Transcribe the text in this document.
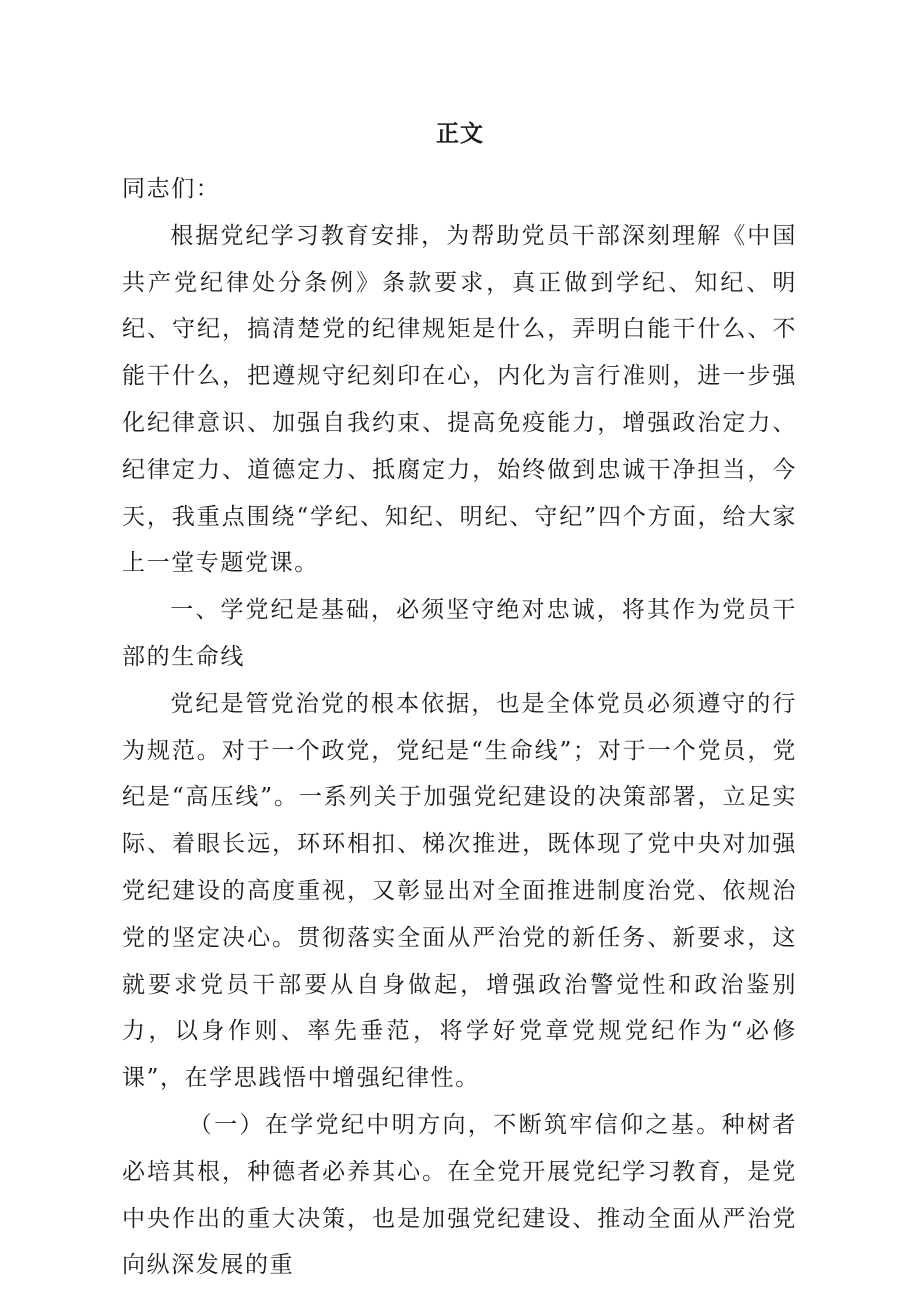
正文

同志们：

根据党纪学习教育安排，为帮助党员干部深刻理解《中国共产党纪律处分条例》条款要求，真正做到学纪、知纪、明纪、守纪，搞清楚党的纪律规矩是什么，弄明白能干什么、不能干什么，把遵规守纪刻印在心，内化为言行准则，进一步强化纪律意识、加强自我约束、提高免疫能力，增强政治定力、纪律定力、道德定力、抵腐定力，始终做到忠诚干净担当，今天，我重点围绕“学纪、知纪、明纪、守纪”四个方面，给大家上一堂专题党课。

一、学党纪是基础，必须坚守绝对忠诚，将其作为党员干部的生命线

党纪是管党治党的根本依据，也是全体党员必须遵守的行为规范。对于一个政党，党纪是“生命线”；对于一个党员，党纪是“高压线”。一系列关于加强党纪建设的决策部署，立足实际、着眼长远，环环相扣、梯次推进，既体现了党中央对加强党纪建设的高度重视，又彰显出对全面推进制度治党、依规治党的坚定决心。贯彻落实全面从严治党的新任务、新要求，这就要求党员干部要从自身做起，增强政治警觉性和政治鉴别力，以身作则、率先垂范，将学好党章党规党纪作为“必修课”，在学思践悟中增强纪律性。

（一）在学党纪中明方向，不断筑牢信仰之基。种树者必培其根，种德者必养其心。在全党开展党纪学习教育，是党中央作出的重大决策，也是加强党纪建设、推动全面从严治党向纵深发展的重
